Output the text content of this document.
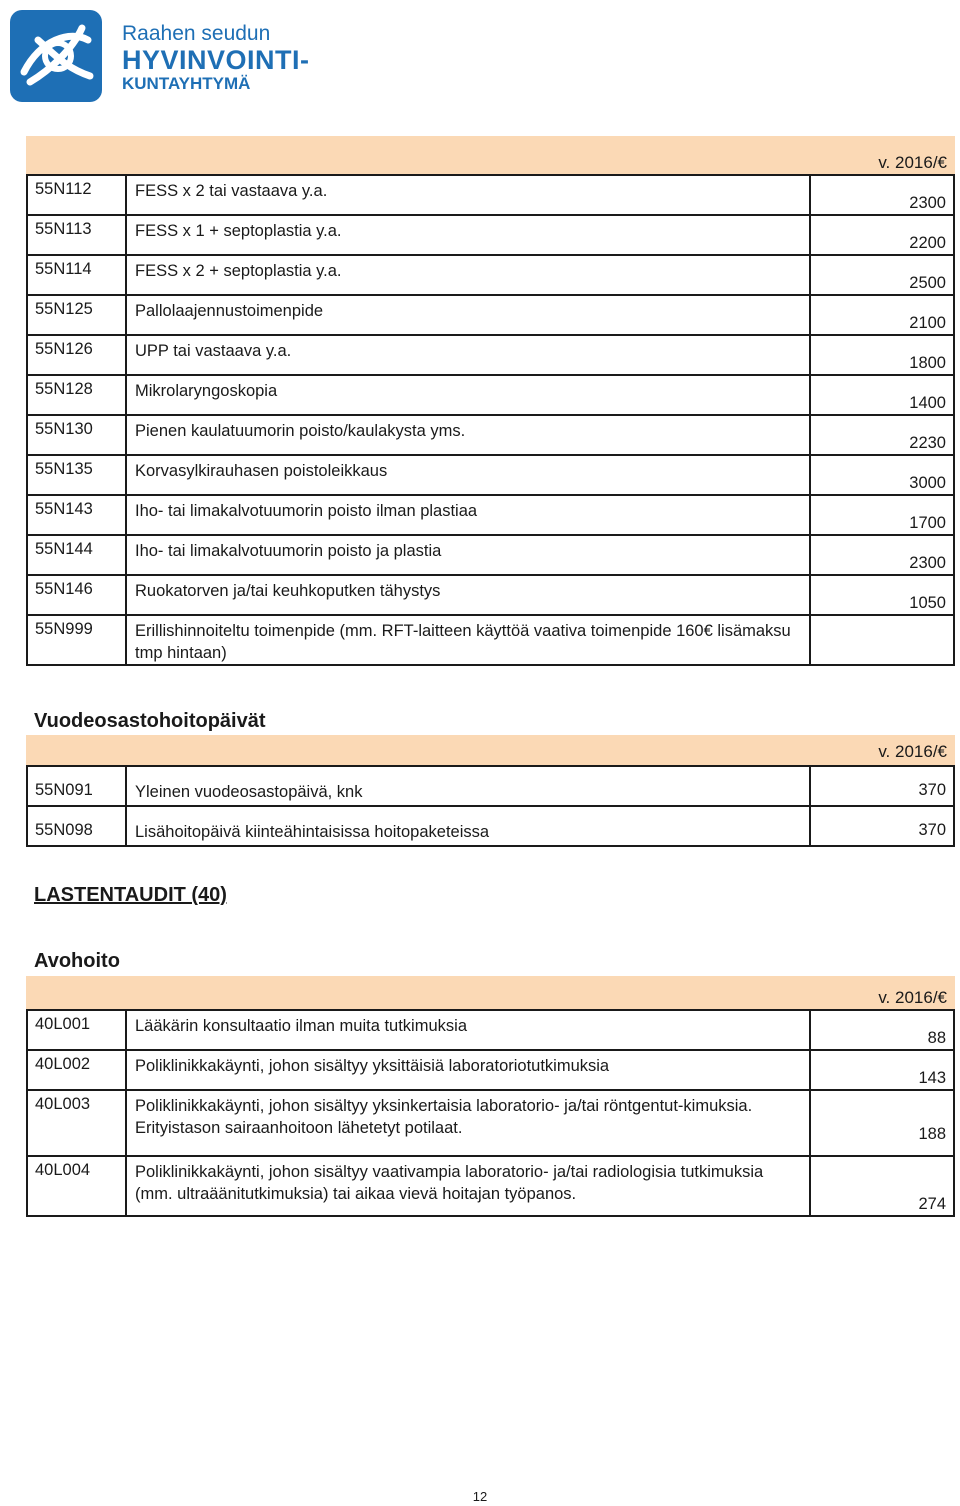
Raahen seudun
HYVINVOINTI-
KUNTAYHTYMÄ
v. 2016/€
55N112	FESS x 2 tai vastaava y.a.	2300
55N113	FESS x 1 + septoplastia y.a.	2200
55N114	FESS x 2 + septoplastia y.a.	2500
55N125	Pallolaajennustoimenpide	2100
55N126	UPP tai vastaava y.a.	1800
55N128	Mikrolaryngoskopia	1400
55N130	Pienen kaulatuumorin poisto/kaulakysta yms.	2230
55N135	Korvasylkirauhasen poistoleikkaus	3000
55N143	Iho- tai limakalvotuumorin poisto ilman plastiaa	1700
55N144	Iho- tai limakalvotuumorin poisto ja plastia	2300
55N146	Ruokatorven ja/tai keuhkoputken tähystys	1050
55N999	Erillishinnoiteltu toimenpide (mm. RFT-laitteen käyttöä vaativa toimenpide 160€ lisämaksu tmp hintaan)	
Vuodeosastohoitopäivät
v. 2016/€
55N091	Yleinen vuodeosastopäivä, knk	370
55N098	Lisähoitopäivä kiinteähintaisissa hoitopaketeissa	370
LASTENTAUDIT (40)
Avohoito
v. 2016/€
40L001	Lääkärin konsultaatio ilman muita tutkimuksia	88
40L002	Poliklinikkakäynti, johon sisältyy yksittäisiä laboratoriotutkimuksia	143
40L003	Poliklinikkakäynti, johon sisältyy yksinkertaisia laboratorio- ja/tai röntgentut-kimuksia. Erityistason sairaanhoitoon lähetetyt potilaat.	188
40L004	Poliklinikkakäynti, johon sisältyy vaativampia laboratorio- ja/tai radiologisia tutkimuksia (mm. ultraäänitutkimuksia) tai aikaa vievä hoitajan työpanos.	274
12
